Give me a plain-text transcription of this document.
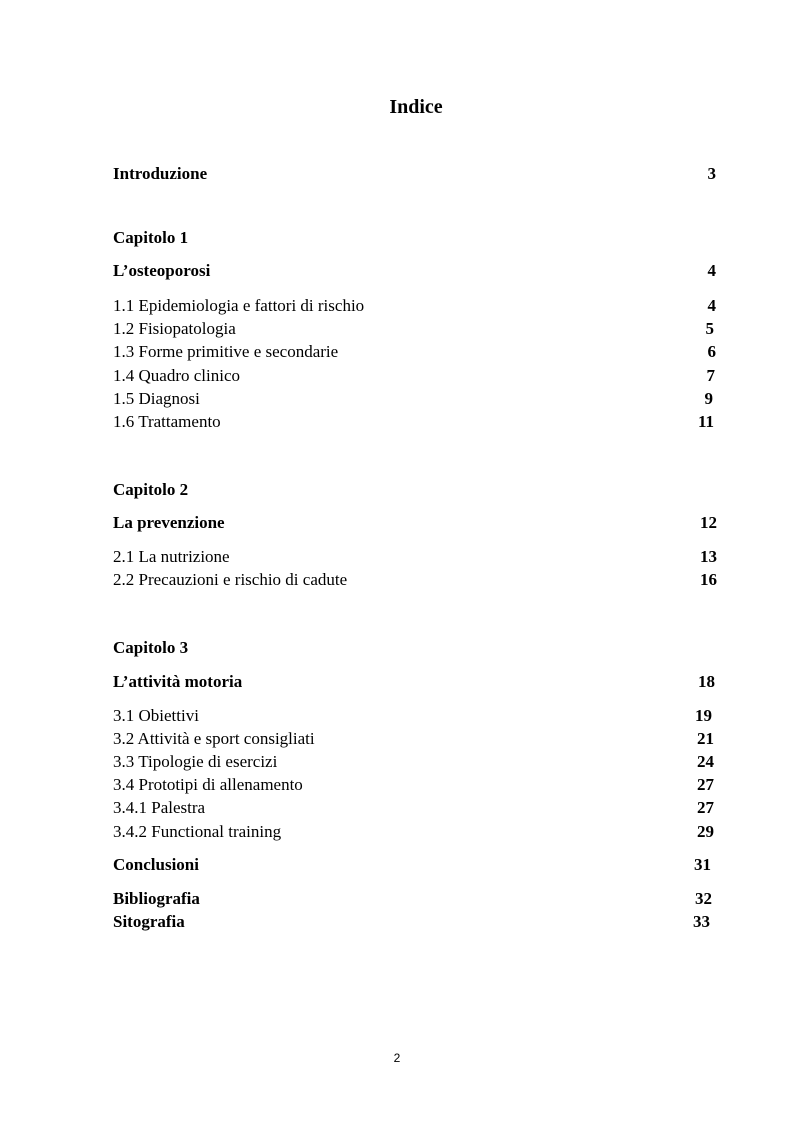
Indice
Introduzione	3
Capitolo 1
L’osteoporosi	4
1.1 Epidemiologia e fattori di rischio	4
1.2 Fisiopatologia	5
1.3 Forme primitive e secondarie	6
1.4 Quadro clinico	7
1.5 Diagnosi	9
1.6 Trattamento	11
Capitolo 2
La prevenzione	12
2.1 La nutrizione	13
2.2 Precauzioni e rischio di cadute	16
Capitolo 3
L’attività motoria	18
3.1 Obiettivi	19
3.2 Attività e sport consigliati	21
3.3 Tipologie di esercizi	24
3.4 Prototipi di allenamento	27
3.4.1 Palestra	27
3.4.2 Functional training	29
Conclusioni	31
Bibliografia	32
Sitografia	33
2
